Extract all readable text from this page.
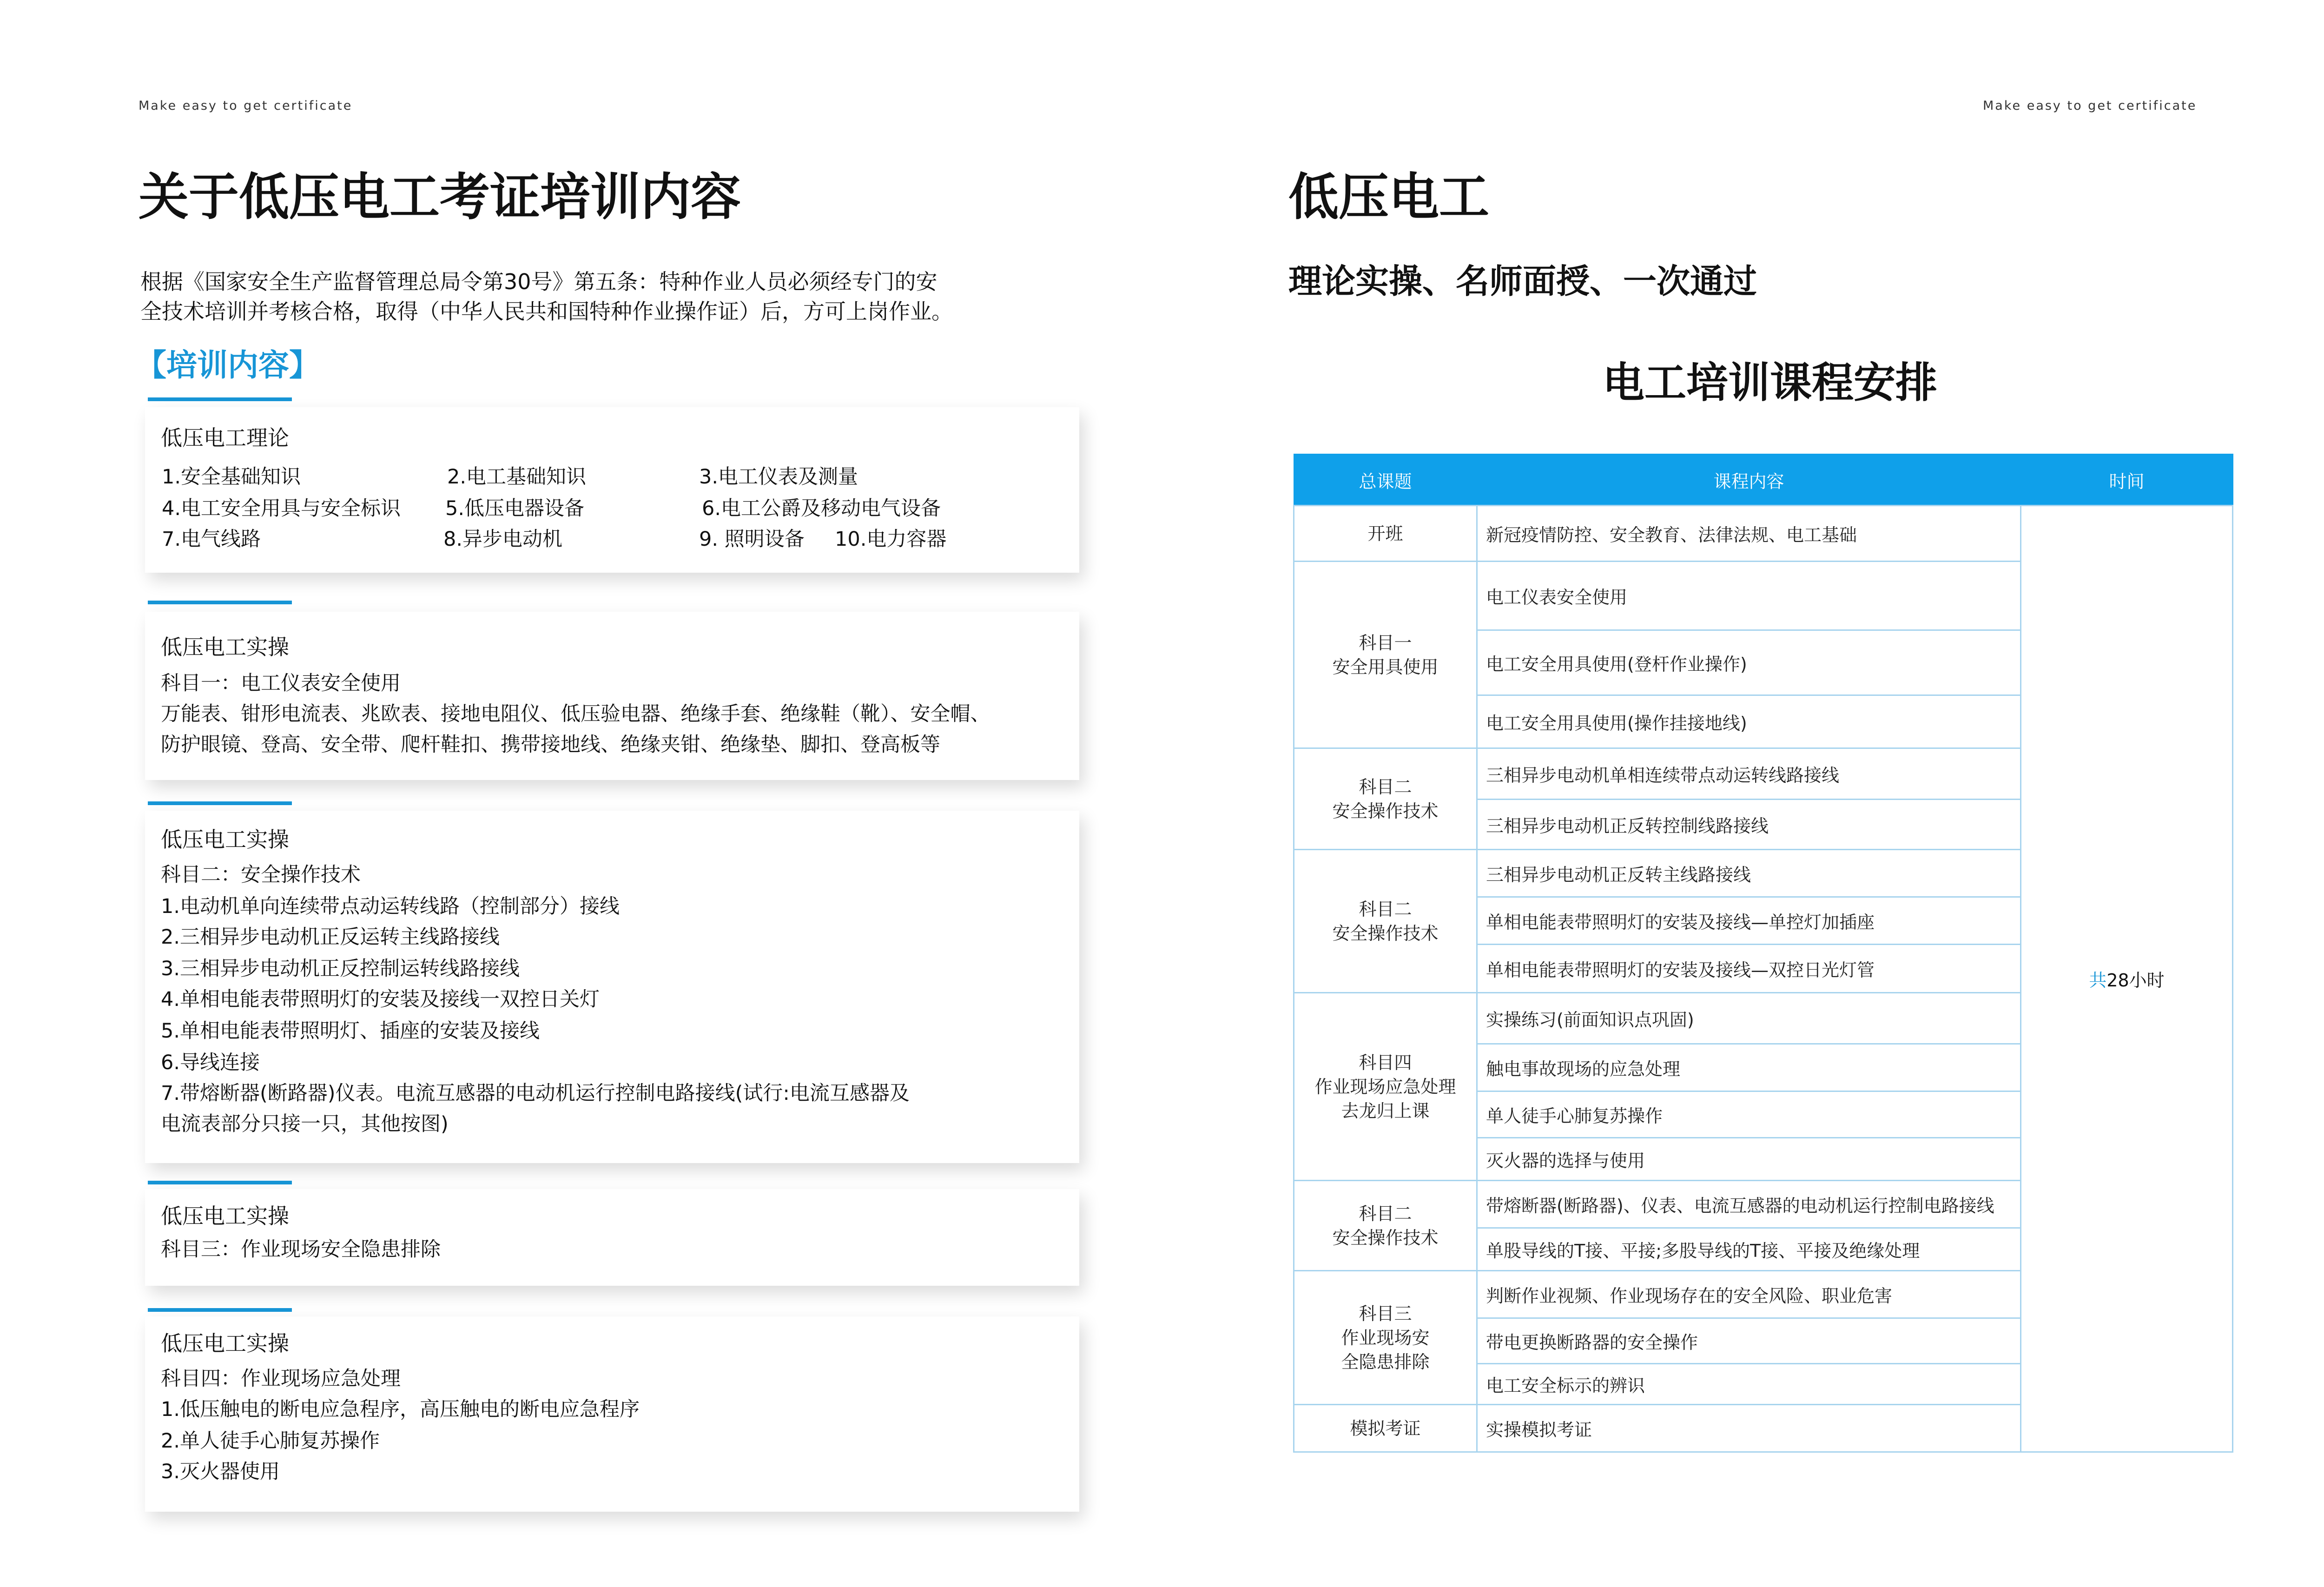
Make easy to get certificate	Make easy to get certificate
关于低压电工考证培训内容
根据《国家安全生产监督管理总局令第30号》第五条：特种作业人员必须经专门的安
全技术培训并考核合格，取得（中华人民共和国特种作业操作证）后，方可上岗作业。
【培训内容】
低压电工理论
1.安全基础知识	2.电工基础知识	3.电工仪表及测量
4.电工安全用具与安全标识 5.低压电器设备	6.电工公爵及移动电气设备
7.电气线路	8.异步电动机	9. 照明设备 10.电力容器
低压电工实操
科目一：电工仪表安全使用
万能表、钳形电流表、兆欧表、接地电阻仪、低压验电器、绝缘手套、绝缘鞋（靴）、安全帽、
防护眼镜、登高、安全带、爬杆鞋扣、携带接地线、绝缘夹钳、绝缘垫、脚扣、登高板等
低压电工实操
科目二：安全操作技术
1.电动机单向连续带点动运转线路（控制部分）接线
2.三相异步电动机正反运转主线路接线
3.三相异步电动机正反控制运转线路接线
4.单相电能表带照明灯的安装及接线一双控日关灯
5.单相电能表带照明灯、插座的安装及接线
6.导线连接
7.带熔断器(断路器)仪表。电流互感器的电动机运行控制电路接线(试行:电流互感器及
电流表部分只接一只，其他按图)
低压电工实操
科目三：作业现场安全隐患排除
低压电工实操
科目四：作业现场应急处理
1.低压触电的断电应急程序，高压触电的断电应急程序
2.单人徒手心肺复苏操作
3.灭火器使用
低压电工
理论实操、名师面授、一次通过
电工培训课程安排
总课题	课程内容	时间

开班	新冠疫情防控、安全教育、法律法规、电工基础	共28小时

科目一
安全用具使用	电工仪表安全使用	
	电工安全用具使用(登杆作业操作)	
	电工安全用具使用(操作挂接地线)	

科目二
安全操作技术	三相异步电动机单相连续带点动运转线路接线	
	三相异步电动机正反转控制线路接线	

科目二
安全操作技术	三相异步电动机正反转主线路接线	
	单相电能表带照明灯的安装及接线—单控灯加插座	
	单相电能表带照明灯的安装及接线—双控日光灯管	

科目四
作业现场应急处理
去龙归上课	实操练习(前面知识点巩固)	
	触电事故现场的应急处理	
	单人徒手心肺复苏操作	
	灭火器的选择与使用	

科目二
安全操作技术	带熔断器(断路器)、仪表、电流互感器的电动机运行控制电路接线	
	单股导线的T接、平接;多股导线的T接、平接及绝缘处理	

科目三
作业现场安
全隐患排除	判断作业视频、作业现场存在的安全风险、职业危害	
	带电更换断路器的安全操作	
	电工安全标示的辨识	

模拟考证	实操模拟考证	
